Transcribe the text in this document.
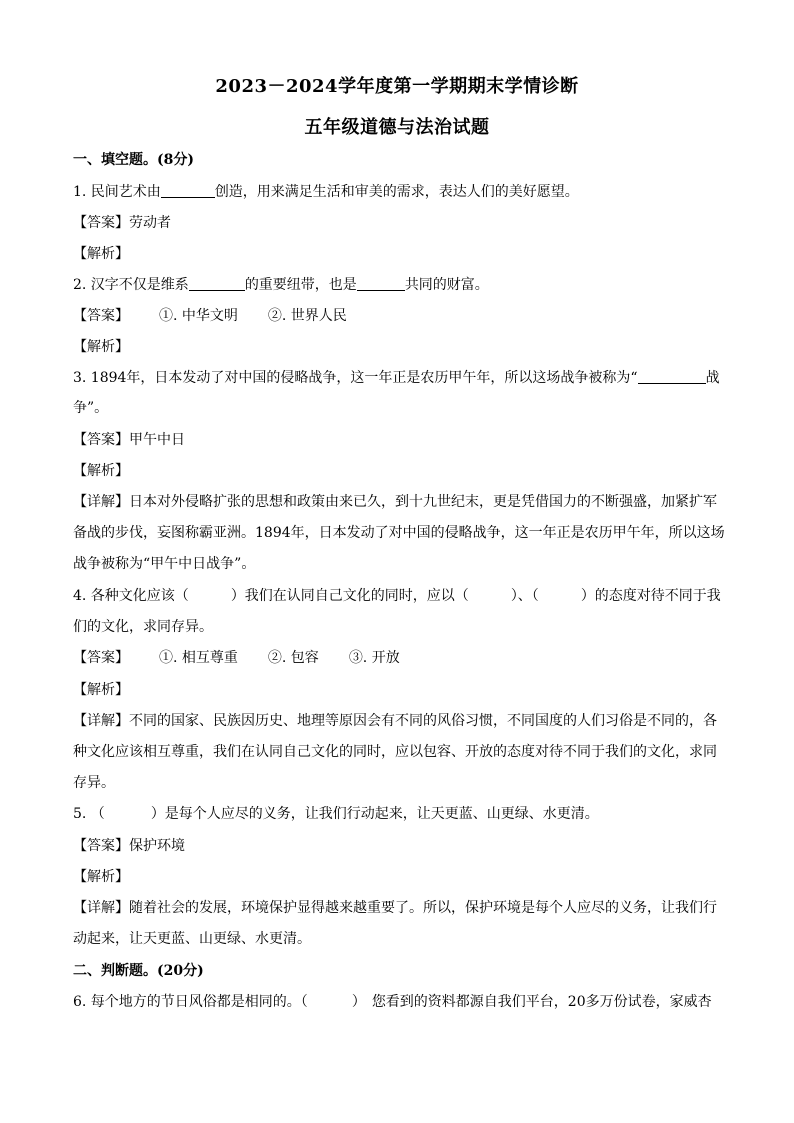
2023－2024学年度第一学期期末学情诊断
五年级道德与法治试题
一、填空题。(8分)
1. 民间艺术由	创造，用来满足生活和审美的需求，表达人们的美好愿望。
【答案】劳动者
【解析】
2. 汉字不仅是维系	的重要纽带，也是	共同的财富。
【答案】 ①. 中华文明 ②. 世界人民
【解析】
3. 1894年，日本发动了对中国的侵略战争，这一年正是农历甲午年，所以这场战争被称为“	战
争”。
【答案】甲午中日
【解析】
【详解】日本对外侵略扩张的思想和政策由来已久，到十九世纪末，更是凭借国力的不断强盛，加紧扩军
备战的步伐，妄图称霸亚洲。1894年，日本发动了对中国的侵略战争，这一年正是农历甲午年，所以这场
战争被称为“甲午中日战争”。
4. 各种文化应该（	）我们在认同自己文化的同时，应以（	）、（	）的态度对待不同于我
们的文化，求同存异。
【答案】 ①. 相互尊重 ②. 包容 ③. 开放
【解析】
【详解】不同的国家、民族因历史、地理等原因会有不同的风俗习惯，不同国度的人们习俗是不同的，各
种文化应该相互尊重，我们在认同自己文化的同时，应以包容、开放的态度对待不同于我们的文化，求同
存异。
5. （	）是每个人应尽的义务，让我们行动起来，让天更蓝、山更绿、水更清。
【答案】保护环境
【解析】
【详解】随着社会的发展，环境保护显得越来越重要了。所以，保护环境是每个人应尽的义务，让我们行
动起来，让天更蓝、山更绿、水更清。
二、判断题。(20分)
6. 每个地方的节日风俗都是相同的。（	） 您看到的资料都源自我们平台，20多万份试卷，家威杏
